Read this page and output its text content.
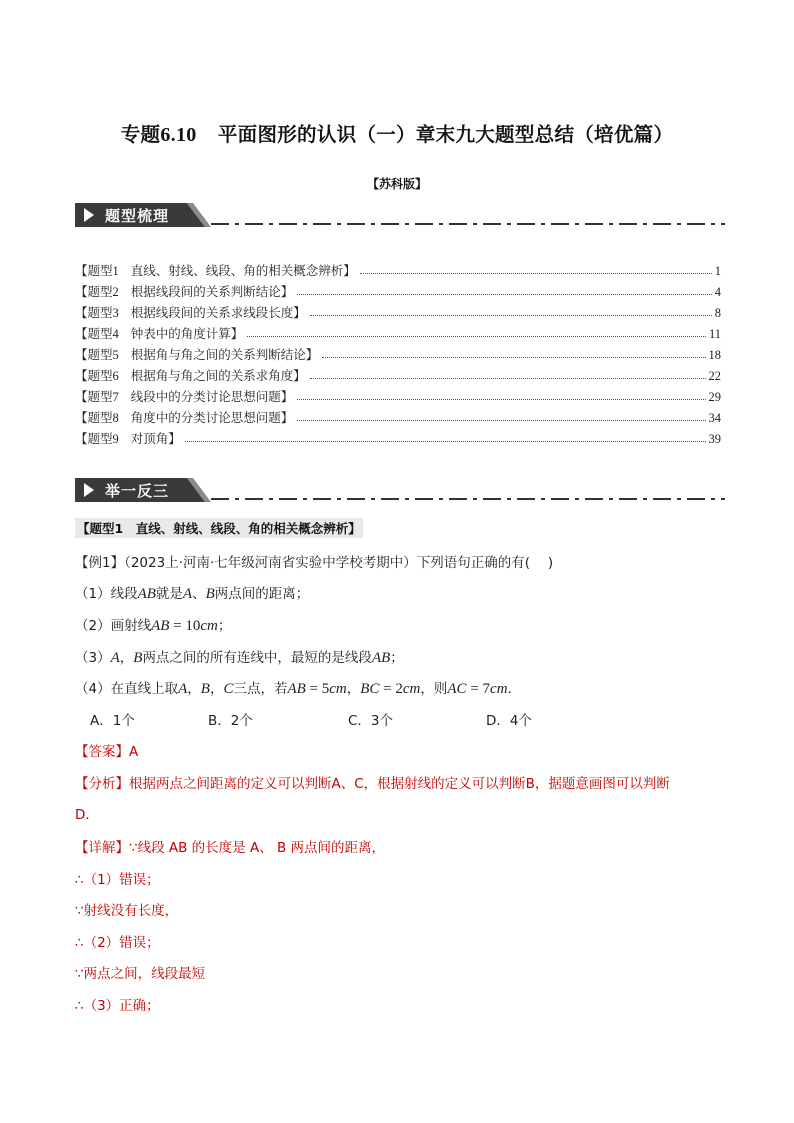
专题6.10 平面图形的认识（一）章末九大题型总结（培优篇）
【苏科版】
题型梳理
【题型1 直线、射线、线段、角的相关概念辨析】	1
【题型2 根据线段间的关系判断结论】	4
【题型3 根据线段间的关系求线段长度】	8
【题型4 钟表中的角度计算】	11
【题型5 根据角与角之间的关系判断结论】	18
【题型6 根据角与角之间的关系求角度】	22
【题型7 线段中的分类讨论思想问题】	29
【题型8 角度中的分类讨论思想问题】	34
【题型9 对顶角】	39
举一反三
【题型1　直线、射线、线段、角的相关概念辨析】
【例1】（2023上·河南·七年级河南省实验中学校考期中）下列语句正确的有(　 )
（1）线段AB就是A、B两点间的距离；
（2）画射线AB = 10cm；
（3）A，B两点之间的所有连线中，最短的是线段AB；
（4）在直线上取A，B，C三点，若AB = 5cm，BC = 2cm，则AC = 7cm．
A．1个	B．2个	C．3个	D．4个
【答案】A
【分析】根据两点之间距离的定义可以判断A、C，根据射线的定义可以判断B，据题意画图可以判断
D．
【详解】∵线段 AB 的长度是 A、 B 两点间的距离，
∴（1）错误；
∵射线没有长度，
∴（2）错误；
∵两点之间，线段最短
∴（3）正确；
